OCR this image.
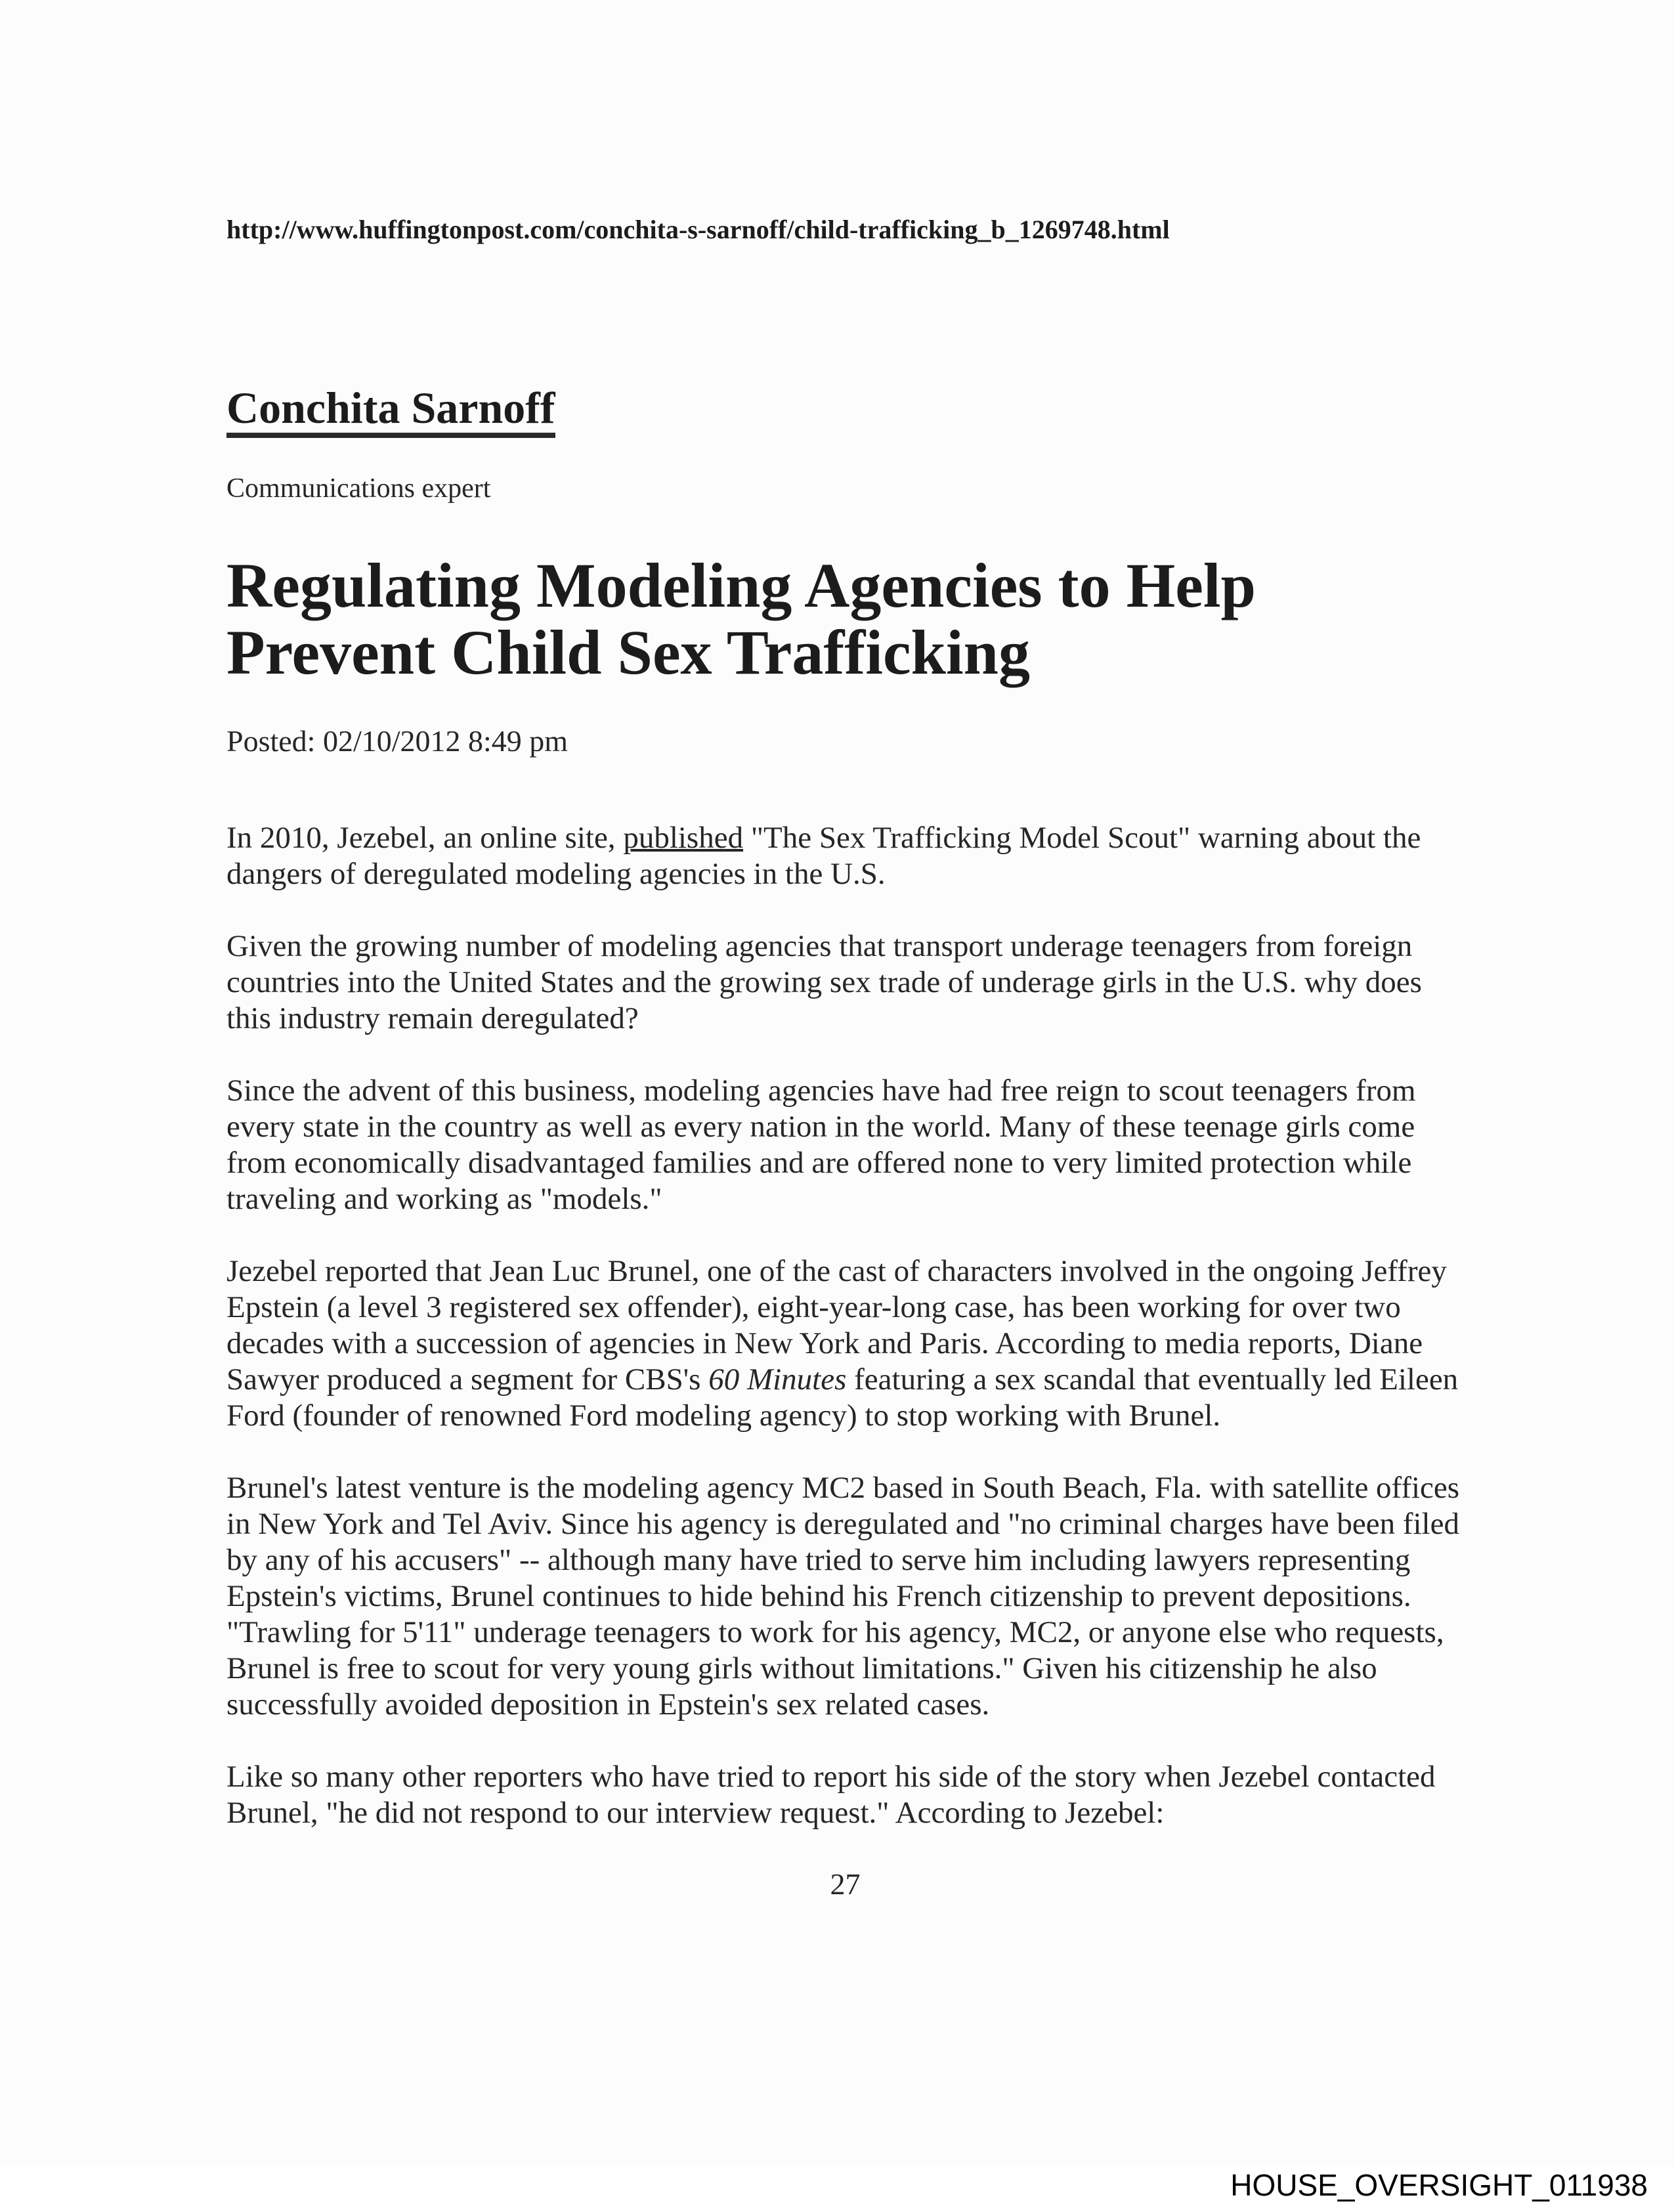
http://www.huffingtonpost.com/conchita-s-sarnoff/child-trafficking_b_1269748.html
Conchita Sarnoff
Communications expert
Regulating Modeling Agencies to Help
Prevent Child Sex Trafficking
Posted: 02/10/2012 8:49 pm

In 2010, Jezebel, an online site, published "The Sex Trafficking Model Scout" warning about the dangers of deregulated modeling agencies in the U.S.

Given the growing number of modeling agencies that transport underage teenagers from foreign countries into the United States and the growing sex trade of underage girls in the U.S. why does this industry remain deregulated?

Since the advent of this business, modeling agencies have had free reign to scout teenagers from every state in the country as well as every nation in the world. Many of these teenage girls come from economically disadvantaged families and are offered none to very limited protection while traveling and working as "models."

Jezebel reported that Jean Luc Brunel, one of the cast of characters involved in the ongoing Jeffrey Epstein (a level 3 registered sex offender), eight-year-long case, has been working for over two decades with a succession of agencies in New York and Paris. According to media reports, Diane Sawyer produced a segment for CBS's 60 Minutes featuring a sex scandal that eventually led Eileen Ford (founder of renowned Ford modeling agency) to stop working with Brunel.

Brunel's latest venture is the modeling agency MC2 based in South Beach, Fla. with satellite offices in New York and Tel Aviv. Since his agency is deregulated and "no criminal charges have been filed by any of his accusers" -- although many have tried to serve him including lawyers representing Epstein's victims, Brunel continues to hide behind his French citizenship to prevent depositions. "Trawling for 5'11" underage teenagers to work for his agency, MC2, or anyone else who requests, Brunel is free to scout for very young girls without limitations." Given his citizenship he also successfully avoided deposition in Epstein's sex related cases.

Like so many other reporters who have tried to report his side of the story when Jezebel contacted Brunel, "he did not respond to our interview request." According to Jezebel:

27
HOUSE_OVERSIGHT_011938
